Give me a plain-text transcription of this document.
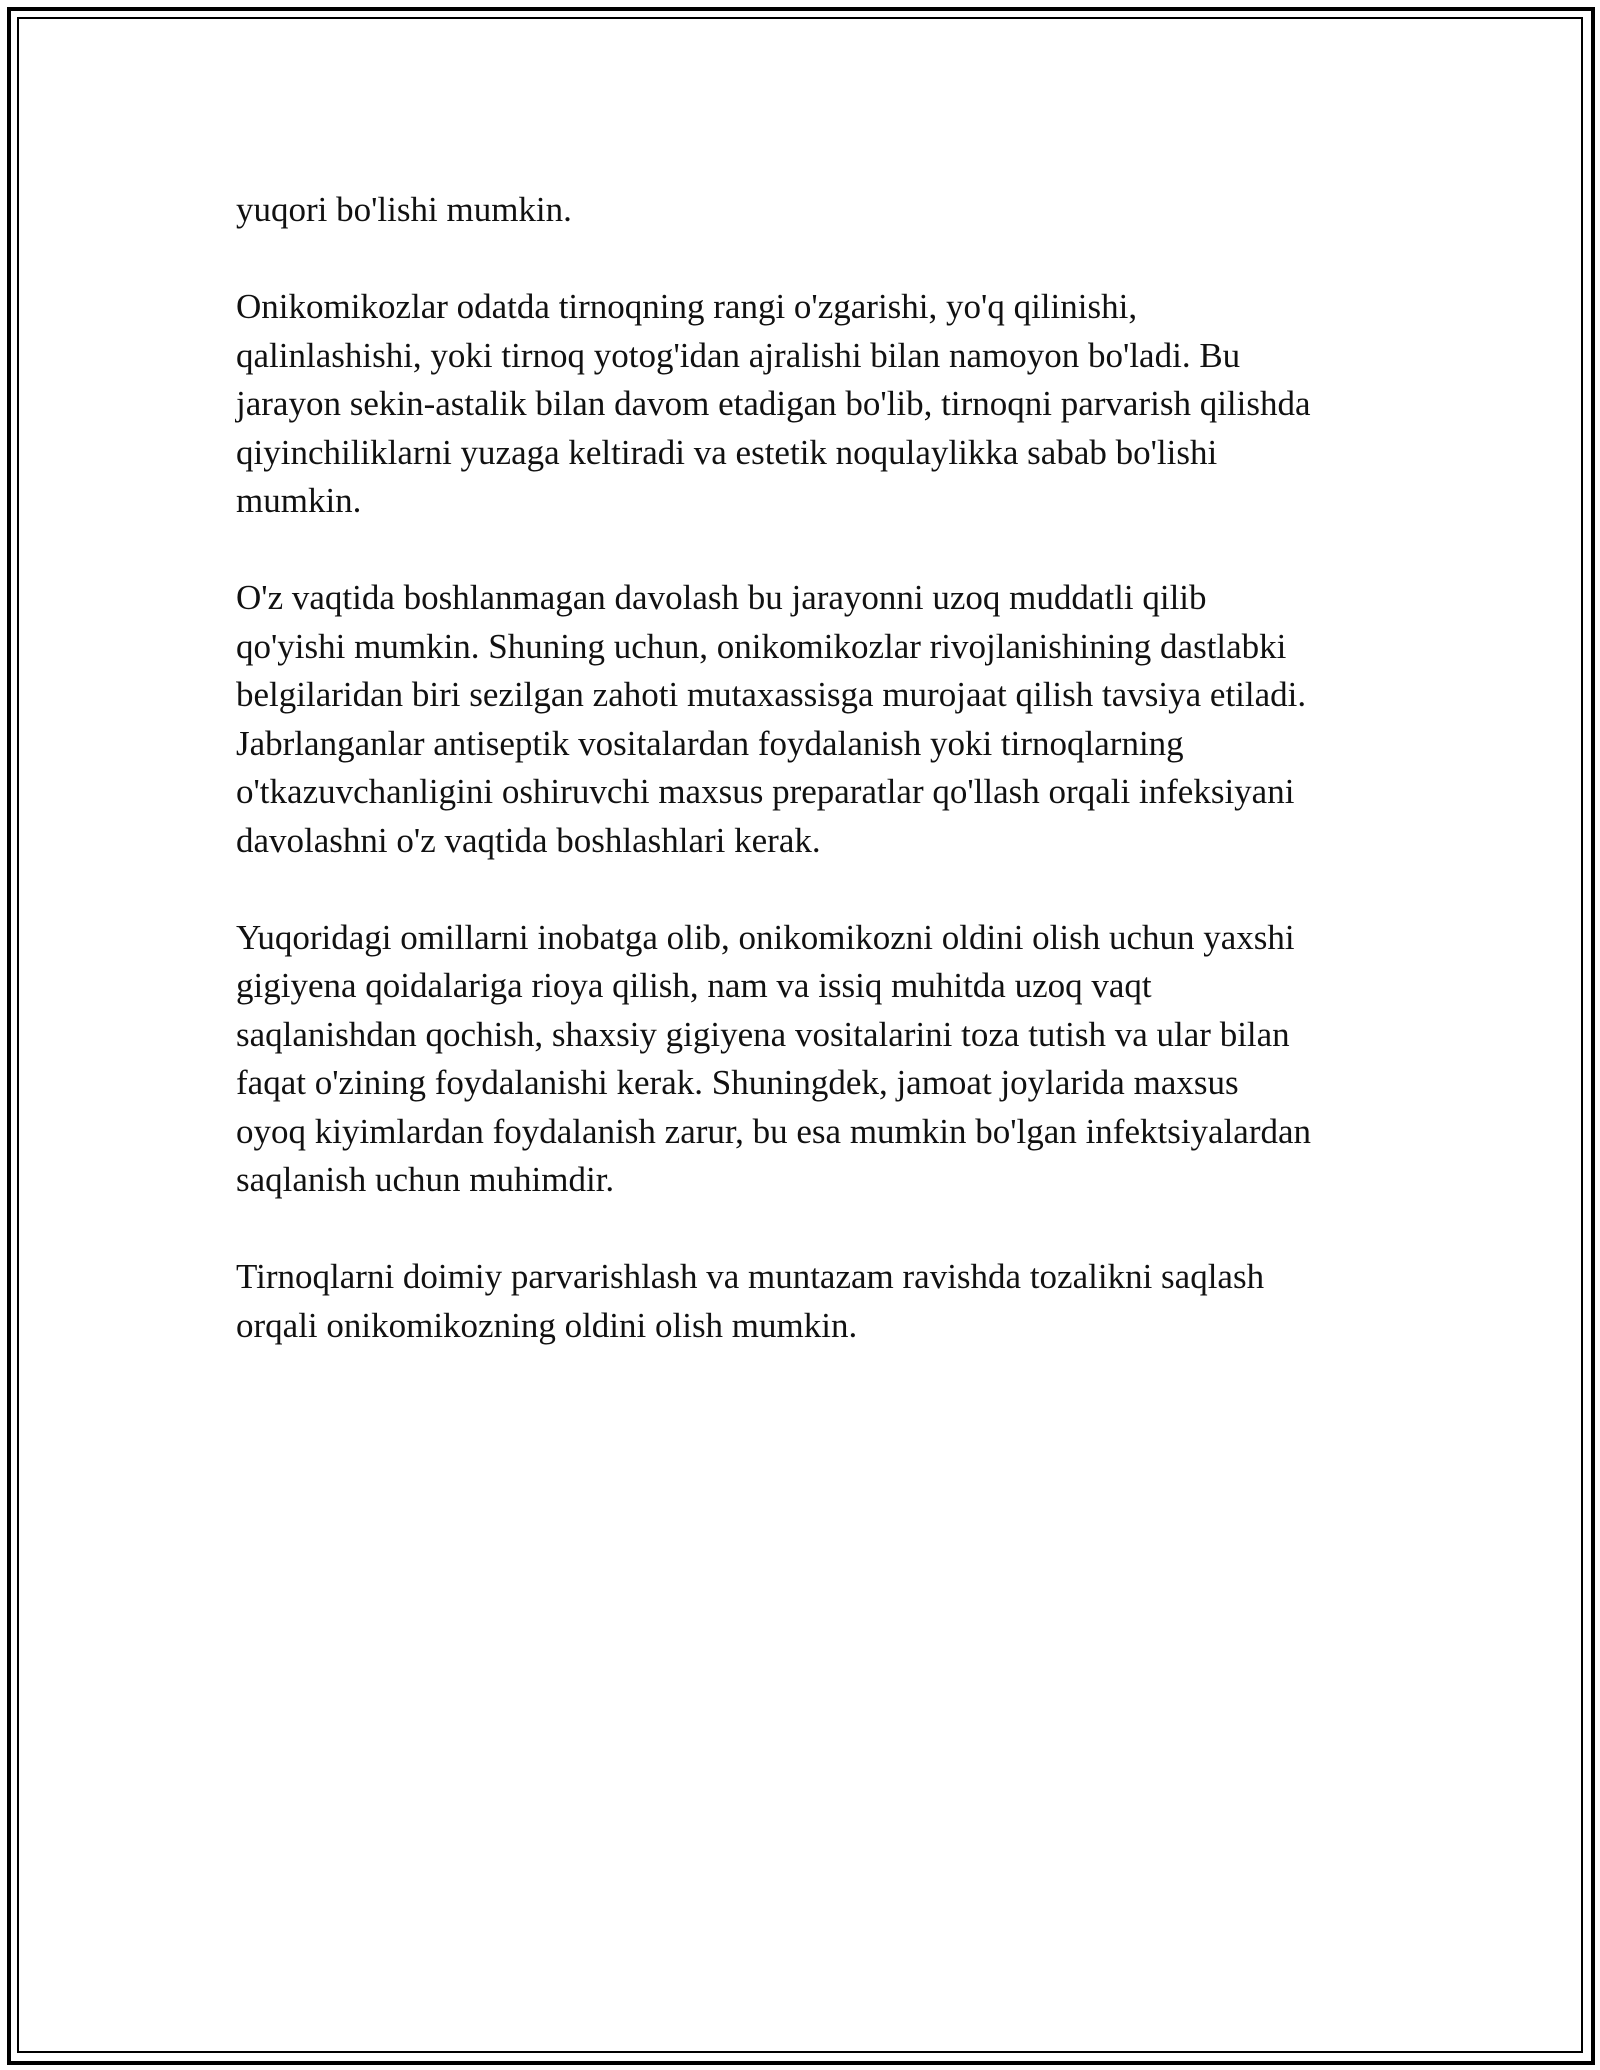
yuqori bo'lishi mumkin.

Onikomikozlar odatda tirnoqning rangi o'zgarishi, yo'q qilinishi,
qalinlashishi, yoki tirnoq yotog'idan ajralishi bilan namoyon bo'ladi. Bu
jarayon sekin-astalik bilan davom etadigan bo'lib, tirnoqni parvarish qilishda
qiyinchiliklarni yuzaga keltiradi va estetik noqulaylikka sabab bo'lishi
mumkin.

O'z vaqtida boshlanmagan davolash bu jarayonni uzoq muddatli qilib
qo'yishi mumkin. Shuning uchun, onikomikozlar rivojlanishining dastlabki
belgilaridan biri sezilgan zahoti mutaxassisga murojaat qilish tavsiya etiladi.
Jabrlanganlar antiseptik vositalardan foydalanish yoki tirnoqlarning
o'tkazuvchanligini oshiruvchi maxsus preparatlar qo'llash orqali infeksiyani
davolashni o'z vaqtida boshlashlari kerak.

Yuqoridagi omillarni inobatga olib, onikomikozni oldini olish uchun yaxshi
gigiyena qoidalariga rioya qilish, nam va issiq muhitda uzoq vaqt
saqlanishdan qochish, shaxsiy gigiyena vositalarini toza tutish va ular bilan
faqat o'zining foydalanishi kerak. Shuningdek, jamoat joylarida maxsus
oyoq kiyimlardan foydalanish zarur, bu esa mumkin bo'lgan infektsiyalardan
saqlanish uchun muhimdir.

Tirnoqlarni doimiy parvarishlash va muntazam ravishda tozalikni saqlash
orqali onikomikozning oldini olish mumkin.
